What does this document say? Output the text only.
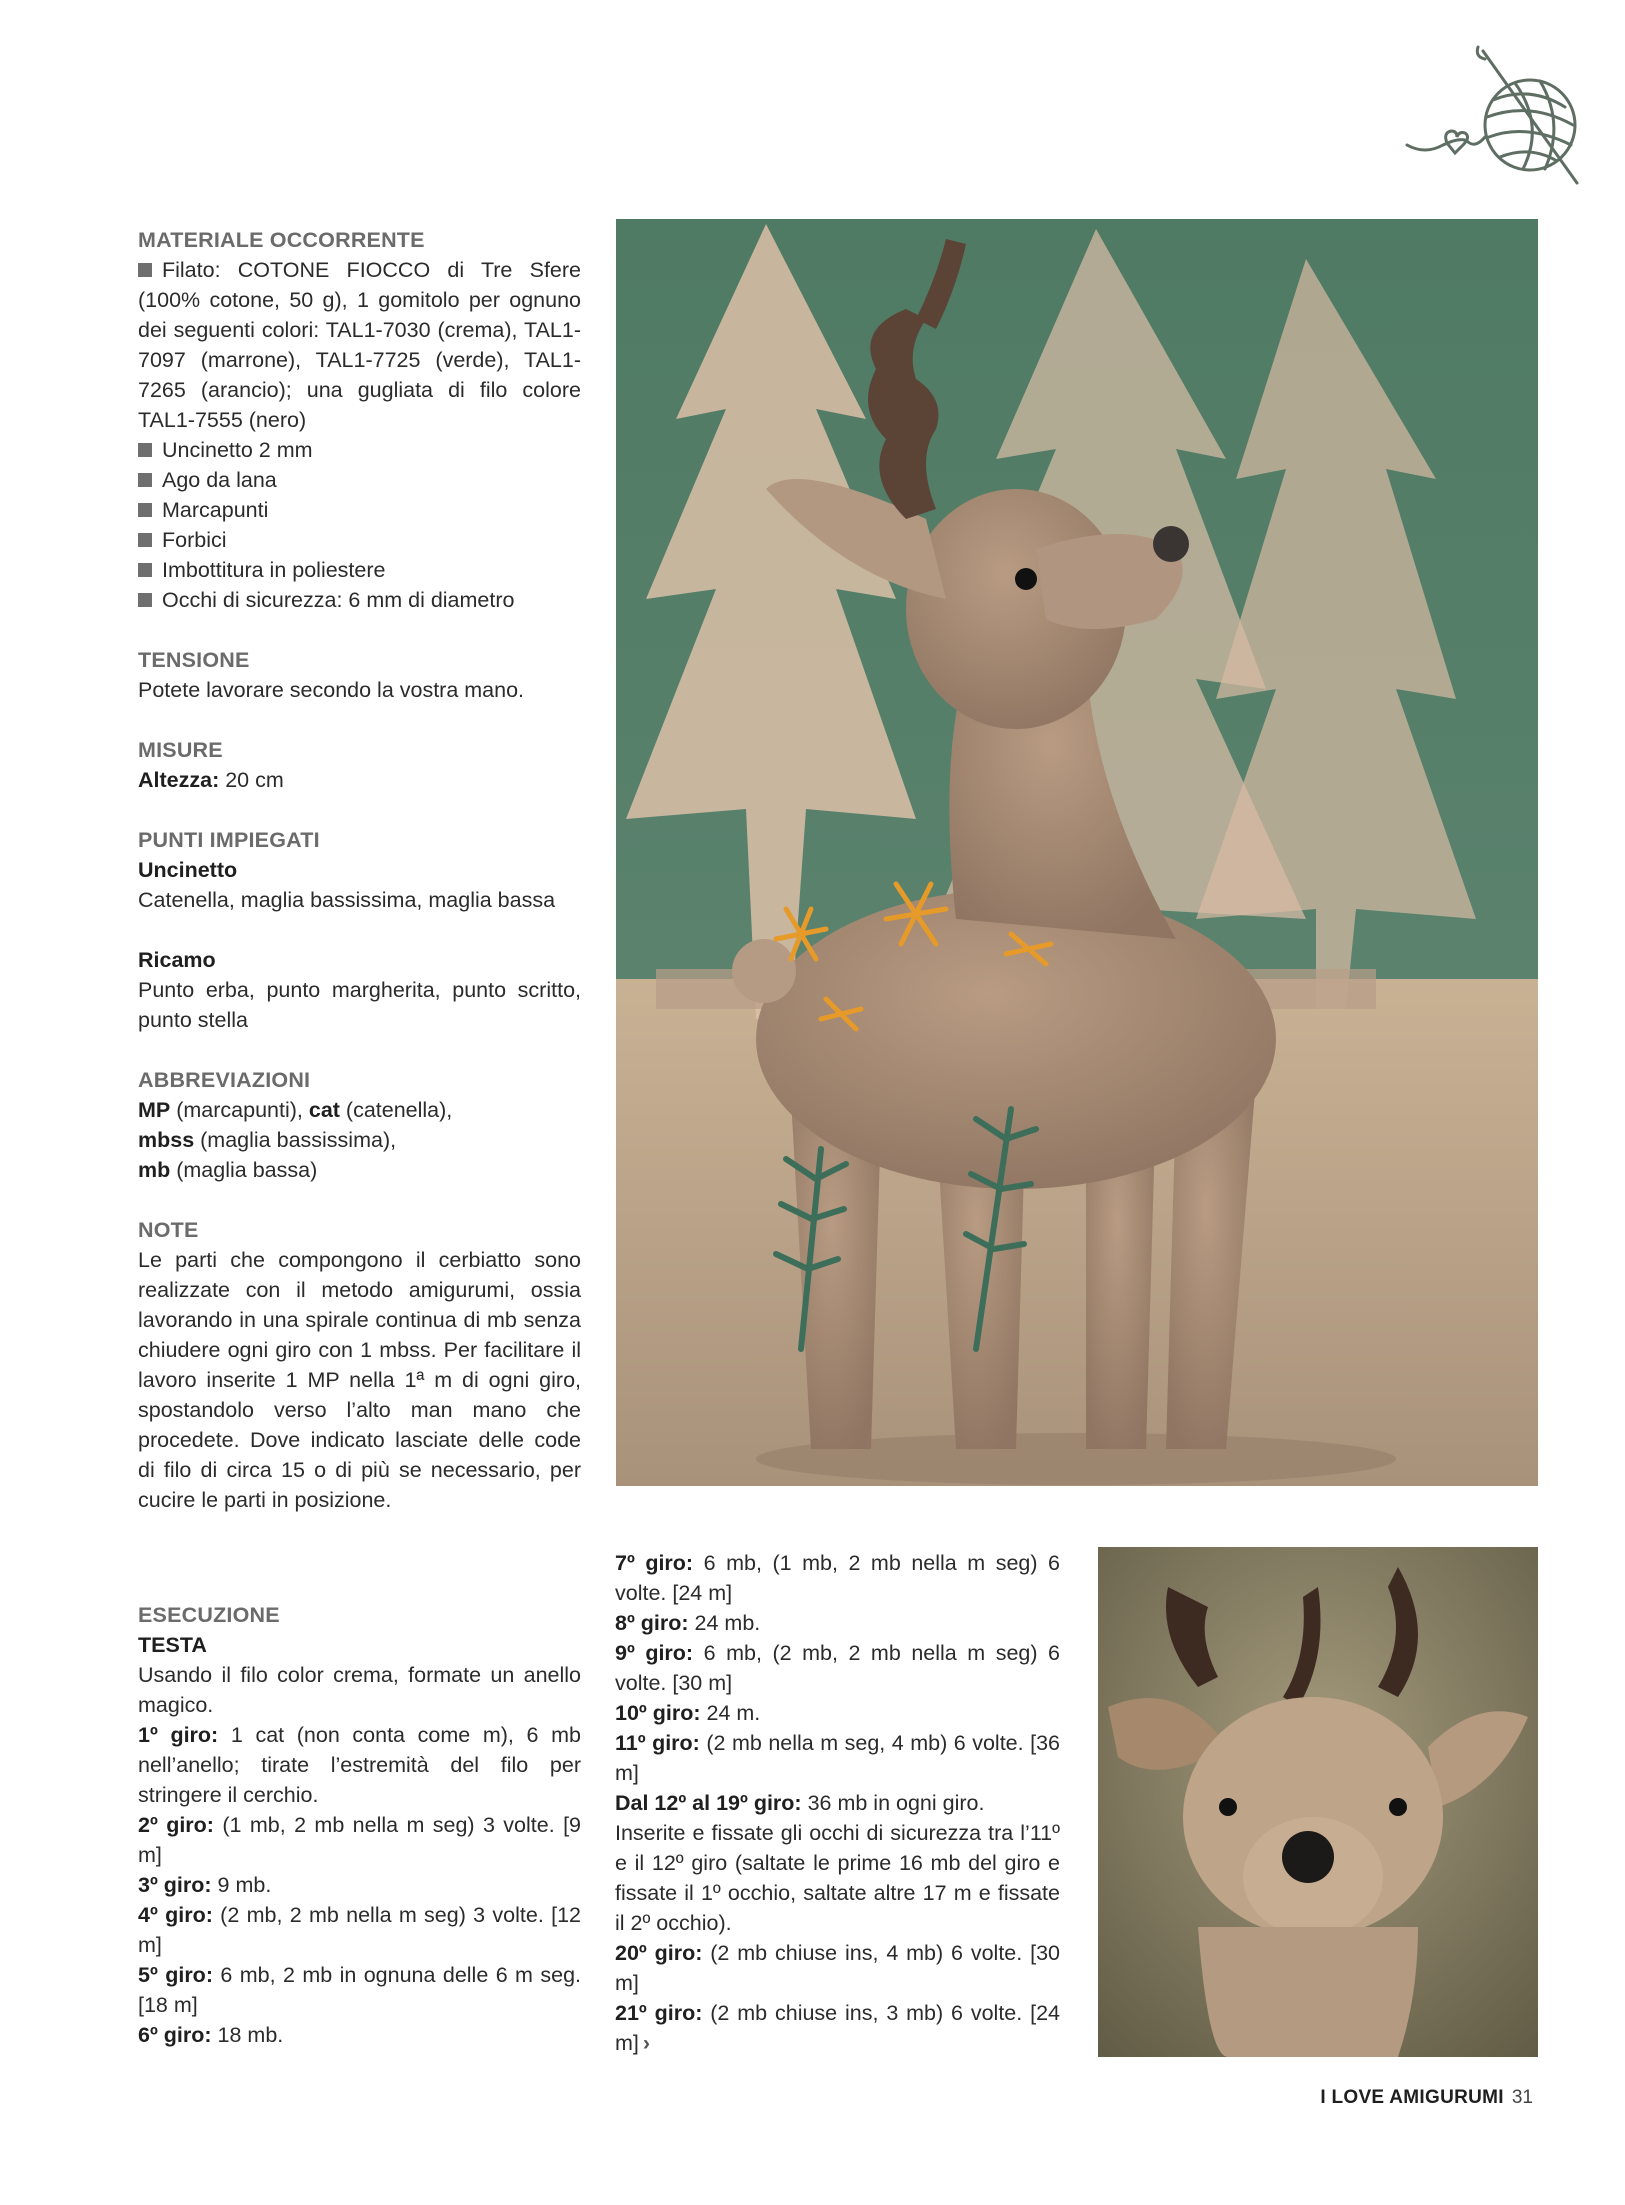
MATERIALE OCCORRENTE

Filato: COTONE FIOCCO di Tre Sfere (100% cotone, 50 g), 1 gomitolo per ognuno dei seguenti colori: TAL1-7030 (crema), TAL1-7097 (marrone), TAL1-7725 (verde), TAL1-7265 (arancio); una gugliata di filo colore TAL1-7555 (nero)

Uncinetto 2 mm

Ago da lana

Marcapunti

Forbici

Imbottitura in poliestere

Occhi di sicurezza: 6 mm di diametro

TENSIONE

Potete lavorare secondo la vostra mano.

MISURE

Altezza: 20 cm

PUNTI IMPIEGATI

Uncinetto

Catenella, maglia bassissima, maglia bassa

Ricamo

Punto erba, punto margherita, punto scritto, punto stella

ABBREVIAZIONI

MP (marcapunti), cat (catenella),

mbss (maglia bassissima),

mb (maglia bassa)

NOTE

Le parti che compongono il cerbiatto sono realizzate con il metodo amigurumi, ossia lavorando in una spirale continua di mb senza chiudere ogni giro con 1 mbss. Per facilitare il lavoro inserite 1 MP nella 1ª m di ogni giro, spostandolo verso l’alto man mano che procedete. Dove indicato lasciate delle code di filo di circa 15 o di più se necessario, per cucire le parti in posizione.

ESECUZIONE

TESTA

Usando il filo color crema, formate un anello magico.

1º giro: 1 cat (non conta come m), 6 mb nell’anello; tirate l’estremità del filo per stringere il cerchio.

2º giro: (1 mb, 2 mb nella m seg) 3 volte. [9 m]

3º giro: 9 mb.

4º giro: (2 mb, 2 mb nella m seg) 3 volte. [12 m]

5º giro: 6 mb, 2 mb in ognuna delle 6 m seg. [18 m]

6º giro: 18 mb.

7º giro: 6 mb, (1 mb, 2 mb nella m seg) 6 volte. [24 m]

8º giro: 24 mb.

9º giro: 6 mb, (2 mb, 2 mb nella m seg) 6 volte. [30 m]

10º giro: 24 m.

11º giro: (2 mb nella m seg, 4 mb) 6 volte. [36 m]

Dal 12º al 19º giro: 36 mb in ogni giro.

Inserite e fissate gli occhi di sicurezza tra l’11º e il 12º giro (saltate le prime 16 mb del giro e fissate il 1º occhio, saltate altre 17 m e fissate il 2º occhio).

20º giro: (2 mb chiuse ins, 4 mb) 6 volte. [30 m]

21º giro: (2 mb chiuse ins, 3 mb) 6 volte. [24 m] ›

I LOVE AMIGURUMI 31
